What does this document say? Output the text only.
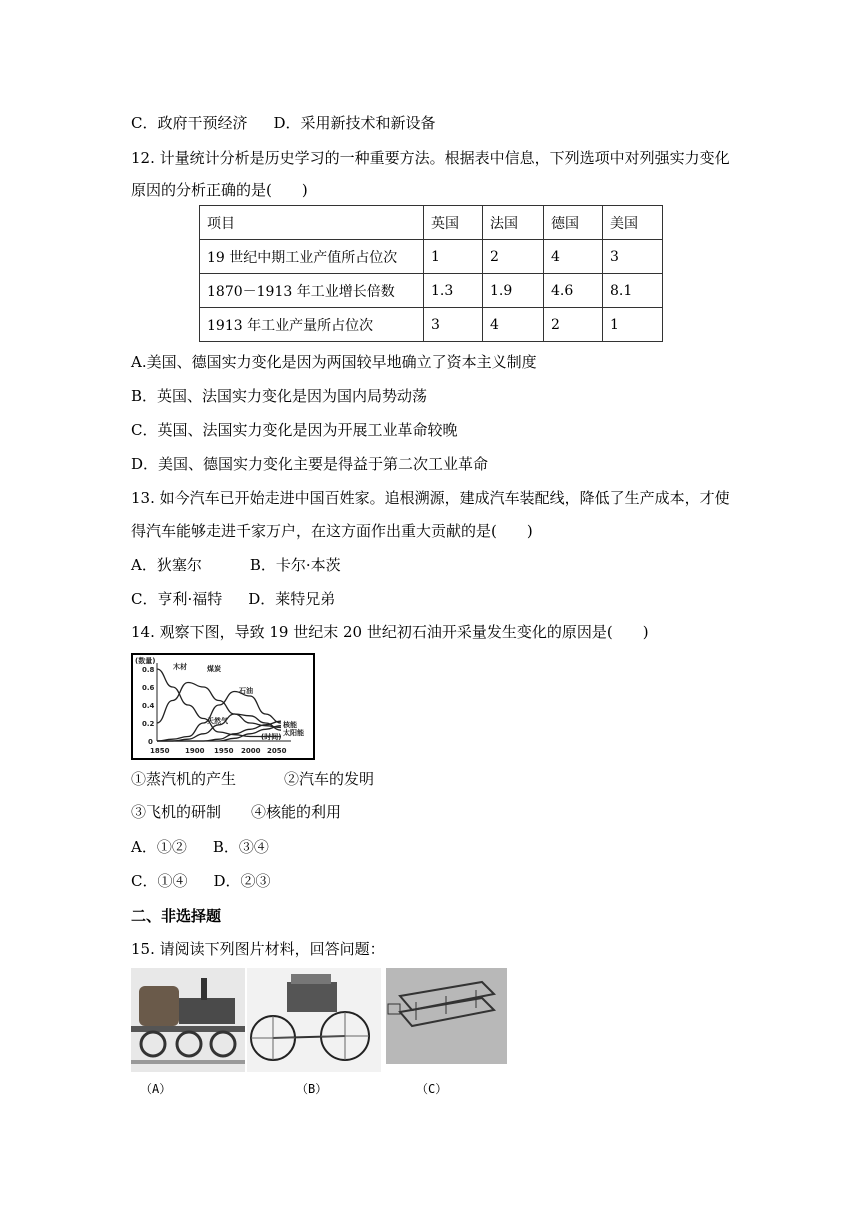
C．政府干预经济 D．采用新技术和新设备
12. 计量统计分析是历史学习的一种重要方法。根据表中信息，下列选项中对列强实力变化
原因的分析正确的是(　　)
项目	英国	法国	德国	美国
19 世纪中期工业产值所占位次	1	2	4	3
1870－1913 年工业增长倍数	1.3	1.9	4.6	8.1
1913 年工业产量所占位次	3	4	2	1
A.美国、德国实力变化是因为两国较早地确立了资本主义制度
B．英国、法国实力变化是因为国内局势动荡
C．英国、法国实力变化是因为开展工业革命较晚
D．美国、德国实力变化主要是得益于第二次工业革命
13. 如今汽车已开始走进中国百姓家。追根溯源，建成汽车装配线，降低了生产成本，才使
得汽车能够走进千家万户，在这方面作出重大贡献的是(　　)
A．狄塞尔	B．卡尔·本茨
C．亨利·福特 D．莱特兄弟
14. 观察下图，导致 19 世纪末 20 世纪初石油开采量发生变化的原因是(　　)
(数量)
(时间)
0
0.2
0.4
0.6
0.8
1850 1900 1950 2000 2050
木材	煤炭
石油
天然气	核能
太阳能
①蒸汽机的产生	②汽车的发明
③飞机的研制 ④核能的利用
A．①② B．③④
C．①④ D．②③
二、非选择题
15. 请阅读下列图片材料，回答问题：
（A）	（B）	（C）
